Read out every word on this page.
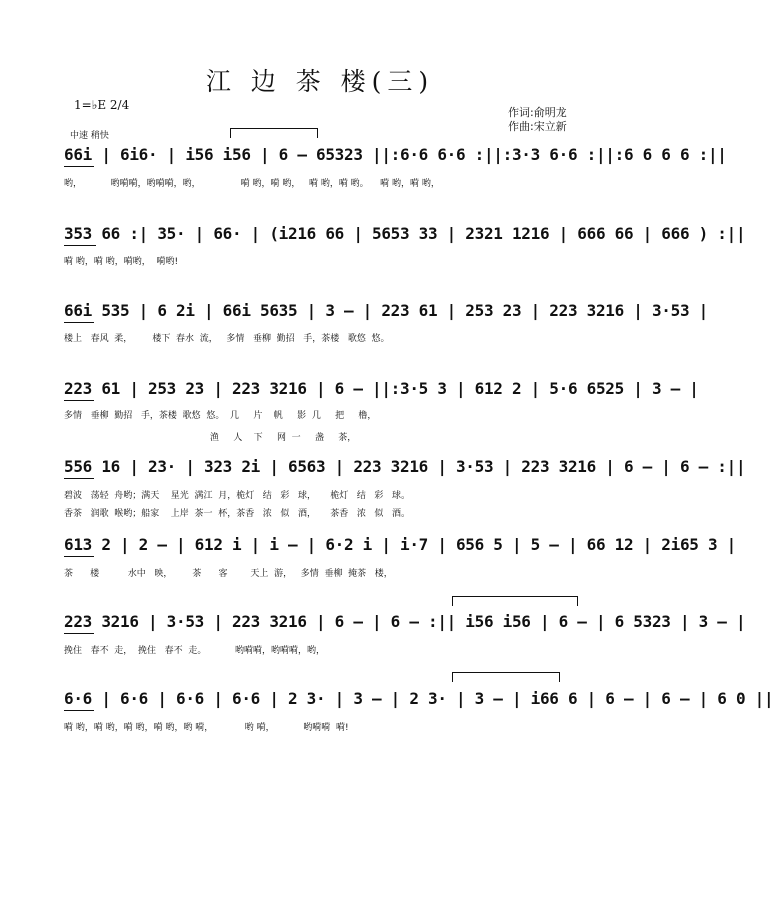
江 边 茶 楼(三)
1=♭E 2/4
中速 稍快
作词:俞明龙
作曲:宋立新
66i | 6i6· | i56 i56 | 6 — 65323 ||:6·6 6·6 :||:3·3 6·6 :||:6 6 6 6 :||
哟，          哟嗬嗬，哟嗬嗬，哟，              嗬 哟，嗬 哟，   嗬 哟，嗬 哟。    嗬 哟，嗬 哟，
353 66 :| 35· | 66· | (i216 66 | 5653 33 | 2321 1216 | 666 66 | 666 ) :||
嗬 哟，嗬 哟，嗬哟，  嗬哟!
66i 535 | 6 2i | 66i 5635 | 3 — | 223 61 | 253 23 | 223 3216 | 3·53 |
楼上   春风  柔，       楼下  春水  流，   多情   垂柳  勤招   手，茶楼   歌悠  悠。
223 61 | 253 23 | 223 3216 | 6 — ||:3·5 3 | 612 2 | 5·6 6525 | 3 — |
多情   垂柳  勤招   手，茶楼  歌悠  悠。  几     片    帆     影  几     把     橹，
渔     人    下     网  一     盏     茶，
556 16 | 23· | 323 2i | 6563 | 223 3216 | 3·53 | 223 3216 | 6 — | 6 — :||
碧波   荡轻  舟哟；满天    星光  满江  月，桅灯   结   彩   球，     桅灯   结   彩   球。
香茶   润歌  喉哟；船家    上岸  茶一  杯，茶香   浓   似   酒，     茶香   浓   似   酒。
613 2 | 2 — | 612 i | i — | 6·2 i | i·7 | 656 5 | 5 — | 66 12 | 2i65 3 |
茶      楼          水中   映，       茶      客        天上  游，   多情  垂柳  掩茶   楼，
223 3216 | 3·53 | 223 3216 | 6 — | 6 — :|| i56 i56 | 6 — | 6 5323 | 3 — |
挽住   春不  走，  挽住   春不  走。          哟嗬嗬，哟嗬嗬，哟，
6·6 | 6·6 | 6·6 | 6·6 | 2 3· | 3 — | 2 3· | 3 — | i66 6 | 6 — | 6 — | 6 0 ||
嗬 哟，嗬 哟，嗬 哟，嗬 哟，哟 嗬，           哟 嗬，          哟嗬嗬  嗬!
